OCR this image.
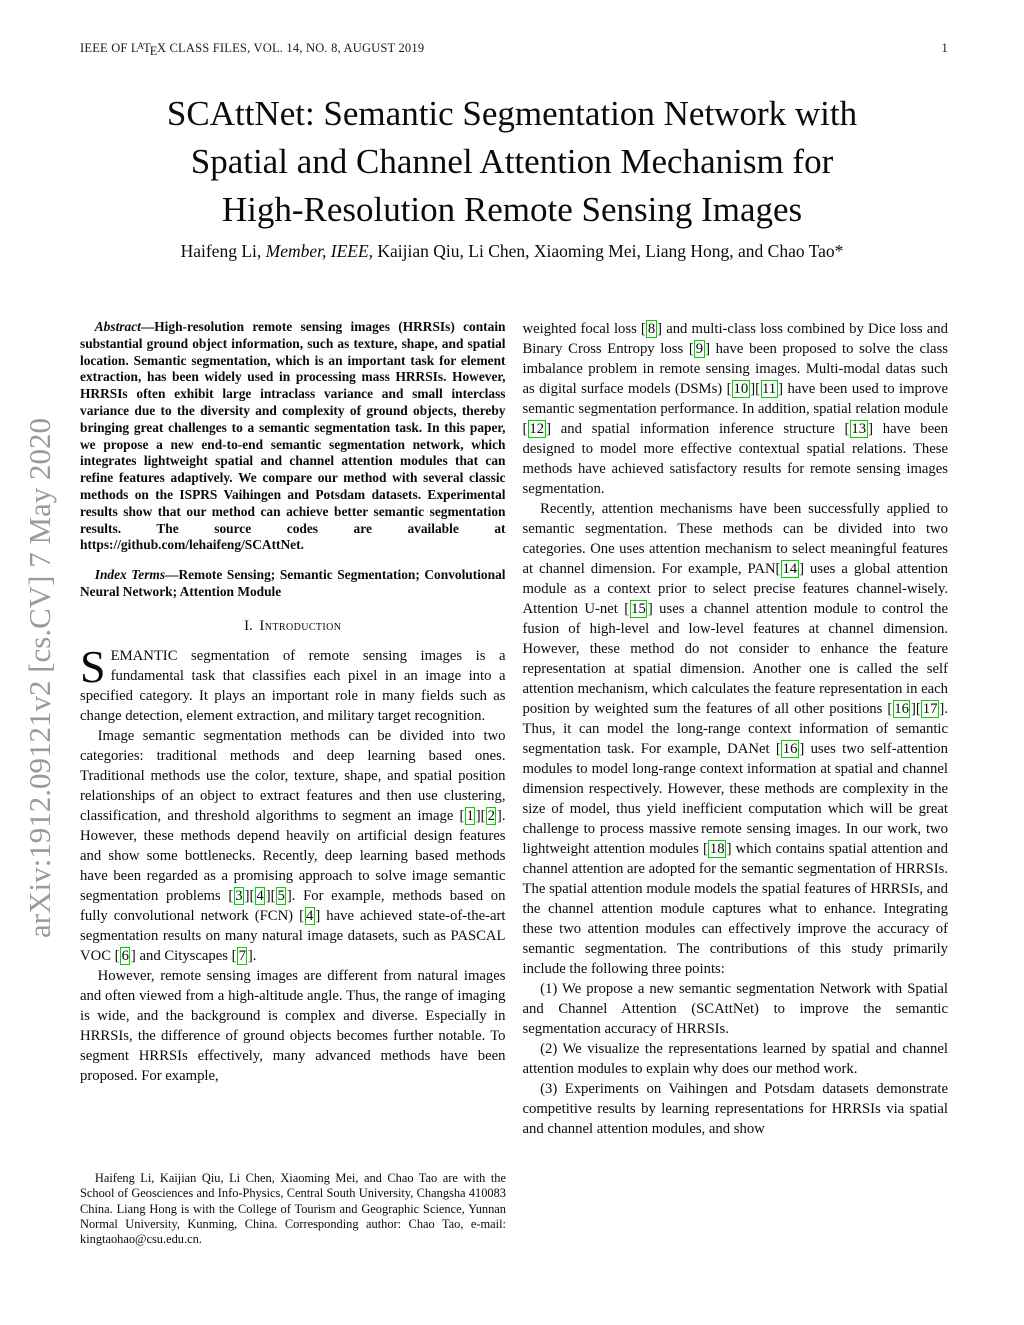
arXiv:1912.09121v2 [cs.CV] 7 May 2020
IEEE OF $L^ATEX$ CLASS FILES, VOL. 14, NO. 8, AUGUST 2019	1
SCAttNet: Semantic Segmentation Network with
Spatial and Channel Attention Mechanism for
High-Resolution Remote Sensing Images
Haifeng Li, Member, IEEE, Kaijian Qiu, Li Chen, Xiaoming Mei, Liang Hong, and Chao Tao*

Abstract—High-resolution remote sensing images (HRRSIs) contain substantial ground object information, such as texture, shape, and spatial location. Semantic segmentation, which is an important task for element extraction, has been widely used in processing mass HRRSIs. However, HRRSIs often exhibit large intraclass variance and small interclass variance due to the diversity and complexity of ground objects, thereby bringing great challenges to a semantic segmentation task. In this paper, we propose a new end-to-end semantic segmentation network, which integrates lightweight spatial and channel attention modules that can refine features adaptively. We compare our method with several classic methods on the ISPRS Vaihingen and Potsdam datasets. Experimental results show that our method can achieve better semantic segmentation results. The source codes are available at https://github.com/lehaifeng/SCAttNet.

Index Terms—Remote Sensing; Semantic Segmentation; Convolutional Neural Network; Attention Module

I. Introduction

SEMANTIC segmentation of remote sensing images is a fundamental task that classifies each pixel in an image into a specified category. It plays an important role in many fields such as change detection, element extraction, and military target recognition.

Image semantic segmentation methods can be divided into two categories: traditional methods and deep learning based ones. Traditional methods use the color, texture, shape, and spatial position relationships of an object to extract features and then use clustering, classification, and threshold algorithms to segment an image [ 1 ][ 2 ]. However, these methods depend heavily on artificial design features and show some bottlenecks. Recently, deep learning based methods have been regarded as a promising approach to solve image semantic segmentation problems [ 3 ][ 4 ][ 5 ]. For example, methods based on fully convolutional network (FCN) [ 4 ] have achieved state-of-the-art segmentation results on many natural image datasets, such as PASCAL VOC [ 6 ] and Cityscapes [ 7 ].

However, remote sensing images are different from natural images and often viewed from a high-altitude angle. Thus, the range of imaging is wide, and the background is complex and diverse. Especially in HRRSIs, the difference of ground objects becomes further notable. To segment HRRSIs effectively, many advanced methods have been proposed. For example,

weighted focal loss [ 8 ] and multi-class loss combined by Dice loss and Binary Cross Entropy loss [ 9 ] have been proposed to solve the class imbalance problem in remote sensing images. Multi-modal datas such as digital surface models (DSMs) [ 10 ][ 11 ] have been used to improve semantic segmentation performance. In addition, spatial relation module [ 12 ] and spatial information inference structure [ 13 ] have been designed to model more effective contextual spatial relations. These methods have achieved satisfactory results for remote sensing images segmentation.

Recently, attention mechanisms have been successfully applied to semantic segmentation. These methods can be divided into two categories. One uses attention mechanism to select meaningful features at channel dimension. For example, PAN[ 14 ] uses a global attention module as a context prior to select precise features channel-wisely. Attention U-net [ 15 ] uses a channel attention module to control the fusion of high-level and low-level features at channel dimension. However, these method do not consider to enhance the feature representation at spatial dimension. Another one is called the self attention mechanism, which calculates the feature representation in each position by weighted sum the features of all other positions [ 16 ][ 17 ]. Thus, it can model the long-range context information of semantic segmentation task. For example, DANet [ 16 ] uses two self-attention modules to model long-range context information at spatial and channel dimension respectively. However, these methods are complexity in the size of model, thus yield inefficient computation which will be great challenge to process massive remote sensing images. In our work, two lightweight attention modules [ 18 ] which contains spatial attention and channel attention are adopted for the semantic segmentation of HRRSIs. The spatial attention module models the spatial features of HRRSIs, and the channel attention module captures what to enhance. Integrating these two attention modules can effectively improve the accuracy of semantic segmentation. The contributions of this study primarily include the following three points:

(1) We propose a new semantic segmentation Network with Spatial and Channel Attention (SCAttNet) to improve the semantic segmentation accuracy of HRRSIs.

(2) We visualize the representations learned by spatial and channel attention modules to explain why does our method work.

(3) Experiments on Vaihingen and Potsdam datasets demonstrate competitive results by learning representations for HRRSIs via spatial and channel attention modules, and show

Haifeng Li, Kaijian Qiu, Li Chen, Xiaoming Mei, and Chao Tao are with the School of Geosciences and Info-Physics, Central South University, Changsha 410083 China. Liang Hong is with the College of Tourism and Geographic Science, Yunnan Normal University, Kunming, China. Corresponding author: Chao Tao, e-mail: kingtaohao@csu.edu.cn.
